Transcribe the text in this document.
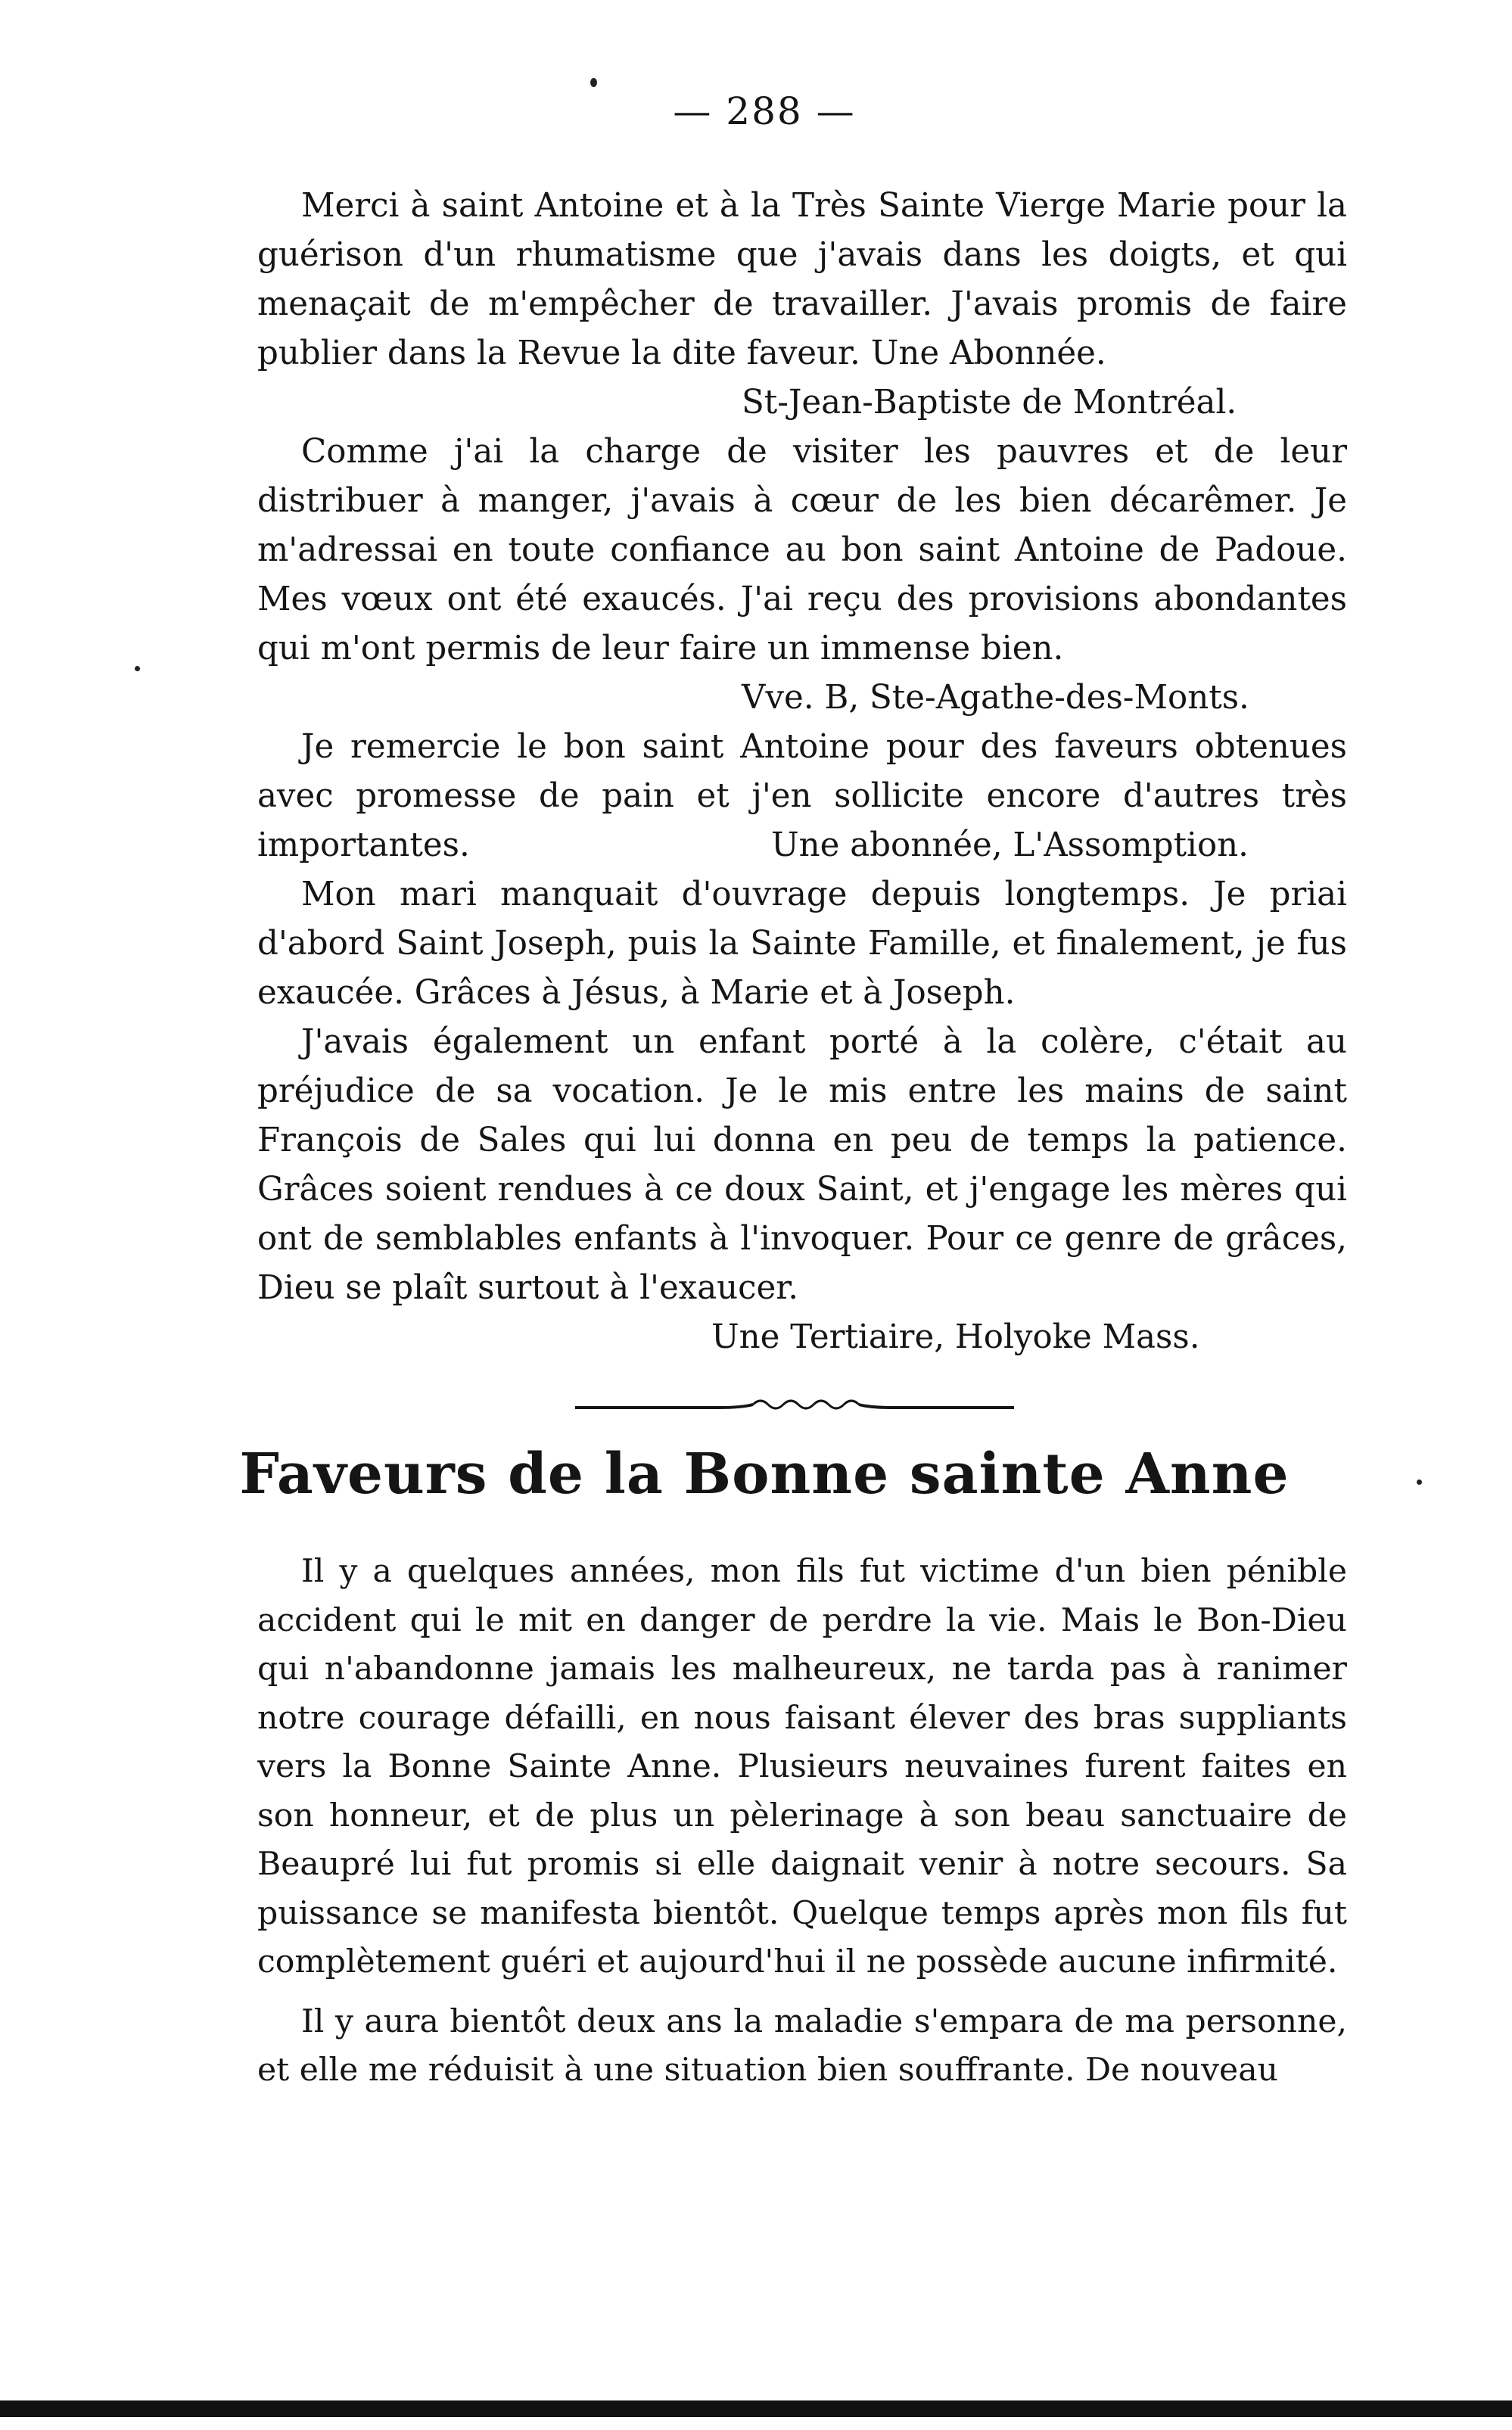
— 288 —

Merci à saint Antoine et à la Très Sainte Vierge Marie pour la guérison d'un rhumatisme que j'avais dans les doigts, et qui menaçait de m'empêcher de travailler. J'avais promis de faire publier dans la Revue la dite faveur. Une Abonnée.

St-Jean-Baptiste de Montréal.

Comme j'ai la charge de visiter les pauvres et de leur distribuer à manger, j'avais à cœur de les bien décarêmer. Je m'adressai en toute confiance au bon saint Antoine de Padoue. Mes vœux ont été exaucés. J'ai reçu des provisions abondantes qui m'ont permis de leur faire un immense bien.

Vve. B, Ste-Agathe-des-Monts.

Je remercie le bon saint Antoine pour des faveurs obtenues avec promesse de pain et j'en sollicite encore d'autres très importantes.	Une abonnée, L'Assomption.

Mon mari manquait d'ouvrage depuis longtemps. Je priai d'abord Saint Joseph, puis la Sainte Famille, et finalement, je fus exaucée. Grâces à Jésus, à Marie et à Joseph.

J'avais également un enfant porté à la colère, c'était au préjudice de sa vocation. Je le mis entre les mains de saint François de Sales qui lui donna en peu de temps la patience. Grâces soient rendues à ce doux Saint, et j'engage les mères qui ont de semblables enfants à l'invoquer. Pour ce genre de grâces, Dieu se plaît surtout à l'exaucer.

Une Tertiaire, Holyoke Mass.

Faveurs de la Bonne sainte Anne

Il y a quelques années, mon fils fut victime d'un bien pénible accident qui le mit en danger de perdre la vie. Mais le Bon-Dieu qui n'abandonne jamais les malheureux, ne tarda pas à ranimer notre courage défailli, en nous faisant élever des bras suppliants vers la Bonne Sainte Anne. Plusieurs neuvaines furent faites en son honneur, et de plus un pèlerinage à son beau sanctuaire de Beaupré lui fut promis si elle daignait venir à notre secours. Sa puissance se manifesta bientôt. Quelque temps après mon fils fut complètement guéri et aujourd'hui il ne possède aucune infirmité.

Il y aura bientôt deux ans la maladie s'empara de ma personne, et elle me réduisit à une situation bien souffrante. De nouveau
